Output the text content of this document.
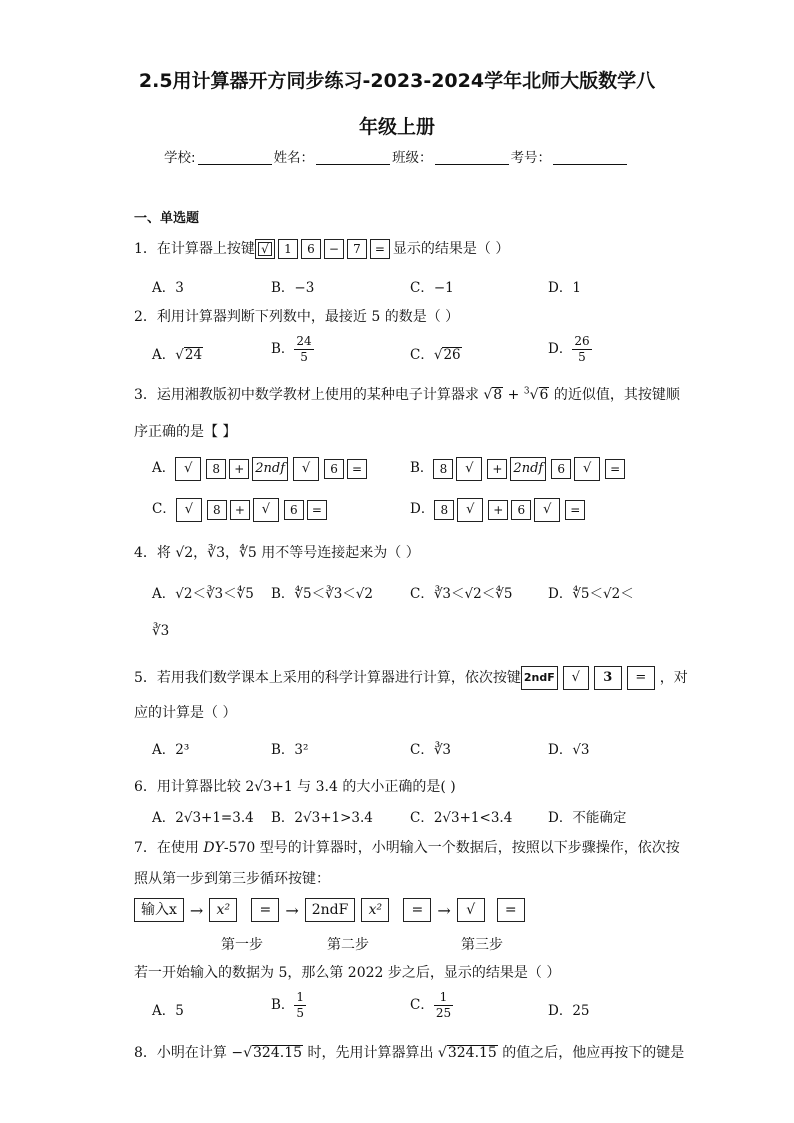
2.5用计算器开方同步练习-2023-2024学年北师大版数学八
年级上册
学校:	姓名：	班级：	考号：
一、单选题
1．在计算器上按键 √ 1 6 − 7 = 显示的结果是（ ）
A．3	B．−3	C．−1	D．1
2．利用计算器判断下列数中，最接近 5 的数是（ ）
A．√24	B． $\frac{24}{5}$	C．√26	D． $\frac{26}{5}$
3．运用湘教版初中数学教材上使用的某种电子计算器求 √8 + $^3$√6 的近似值，其按键顺
序正确的是【 】
A． √ 8 + 2ndf √ 6 =	B． 8 √ + 2ndf 6 √ =
C． √ 8 + √ 6 =	D． 8 √ + 6 √ =
4．将 √2，∛3，∜5 用不等号连接起来为（ ）
A．√2＜∛3＜∜5 B．∜5＜∛3＜√2	C．∛3＜√2＜∜5	D．∜5＜√2＜
∛3
5．若用我们数学课本上采用的科学计算器进行计算，依次按键 2ndF √ 3 = ，对
应的计算是（ ）
A．2³	B．3²	C．∛3	D．√3
6．用计算器比较 2√3+1 与 3.4 的大小正确的是( )
A．2√3+1=3.4 B．2√3+1>3.4	C．2√3+1<3.4	D．不能确定
7．在使用 DY-570 型号的计算器时，小明输入一个数据后，按照以下步骤操作，依次按
照从第一步到第三步循环按键：
输入x → x² = → 2ndF x² = → √ =
第一步	第二步	第三步
若一开始输入的数据为 5，那么第 2022 步之后，显示的结果是（ ）
A．5	B． $\frac{1}{5}$	C． $\frac{1}{25}$	D．25
8．小明在计算 −√324.15 时，先用计算器算出 √324.15 的值之后，他应再按下的键是
